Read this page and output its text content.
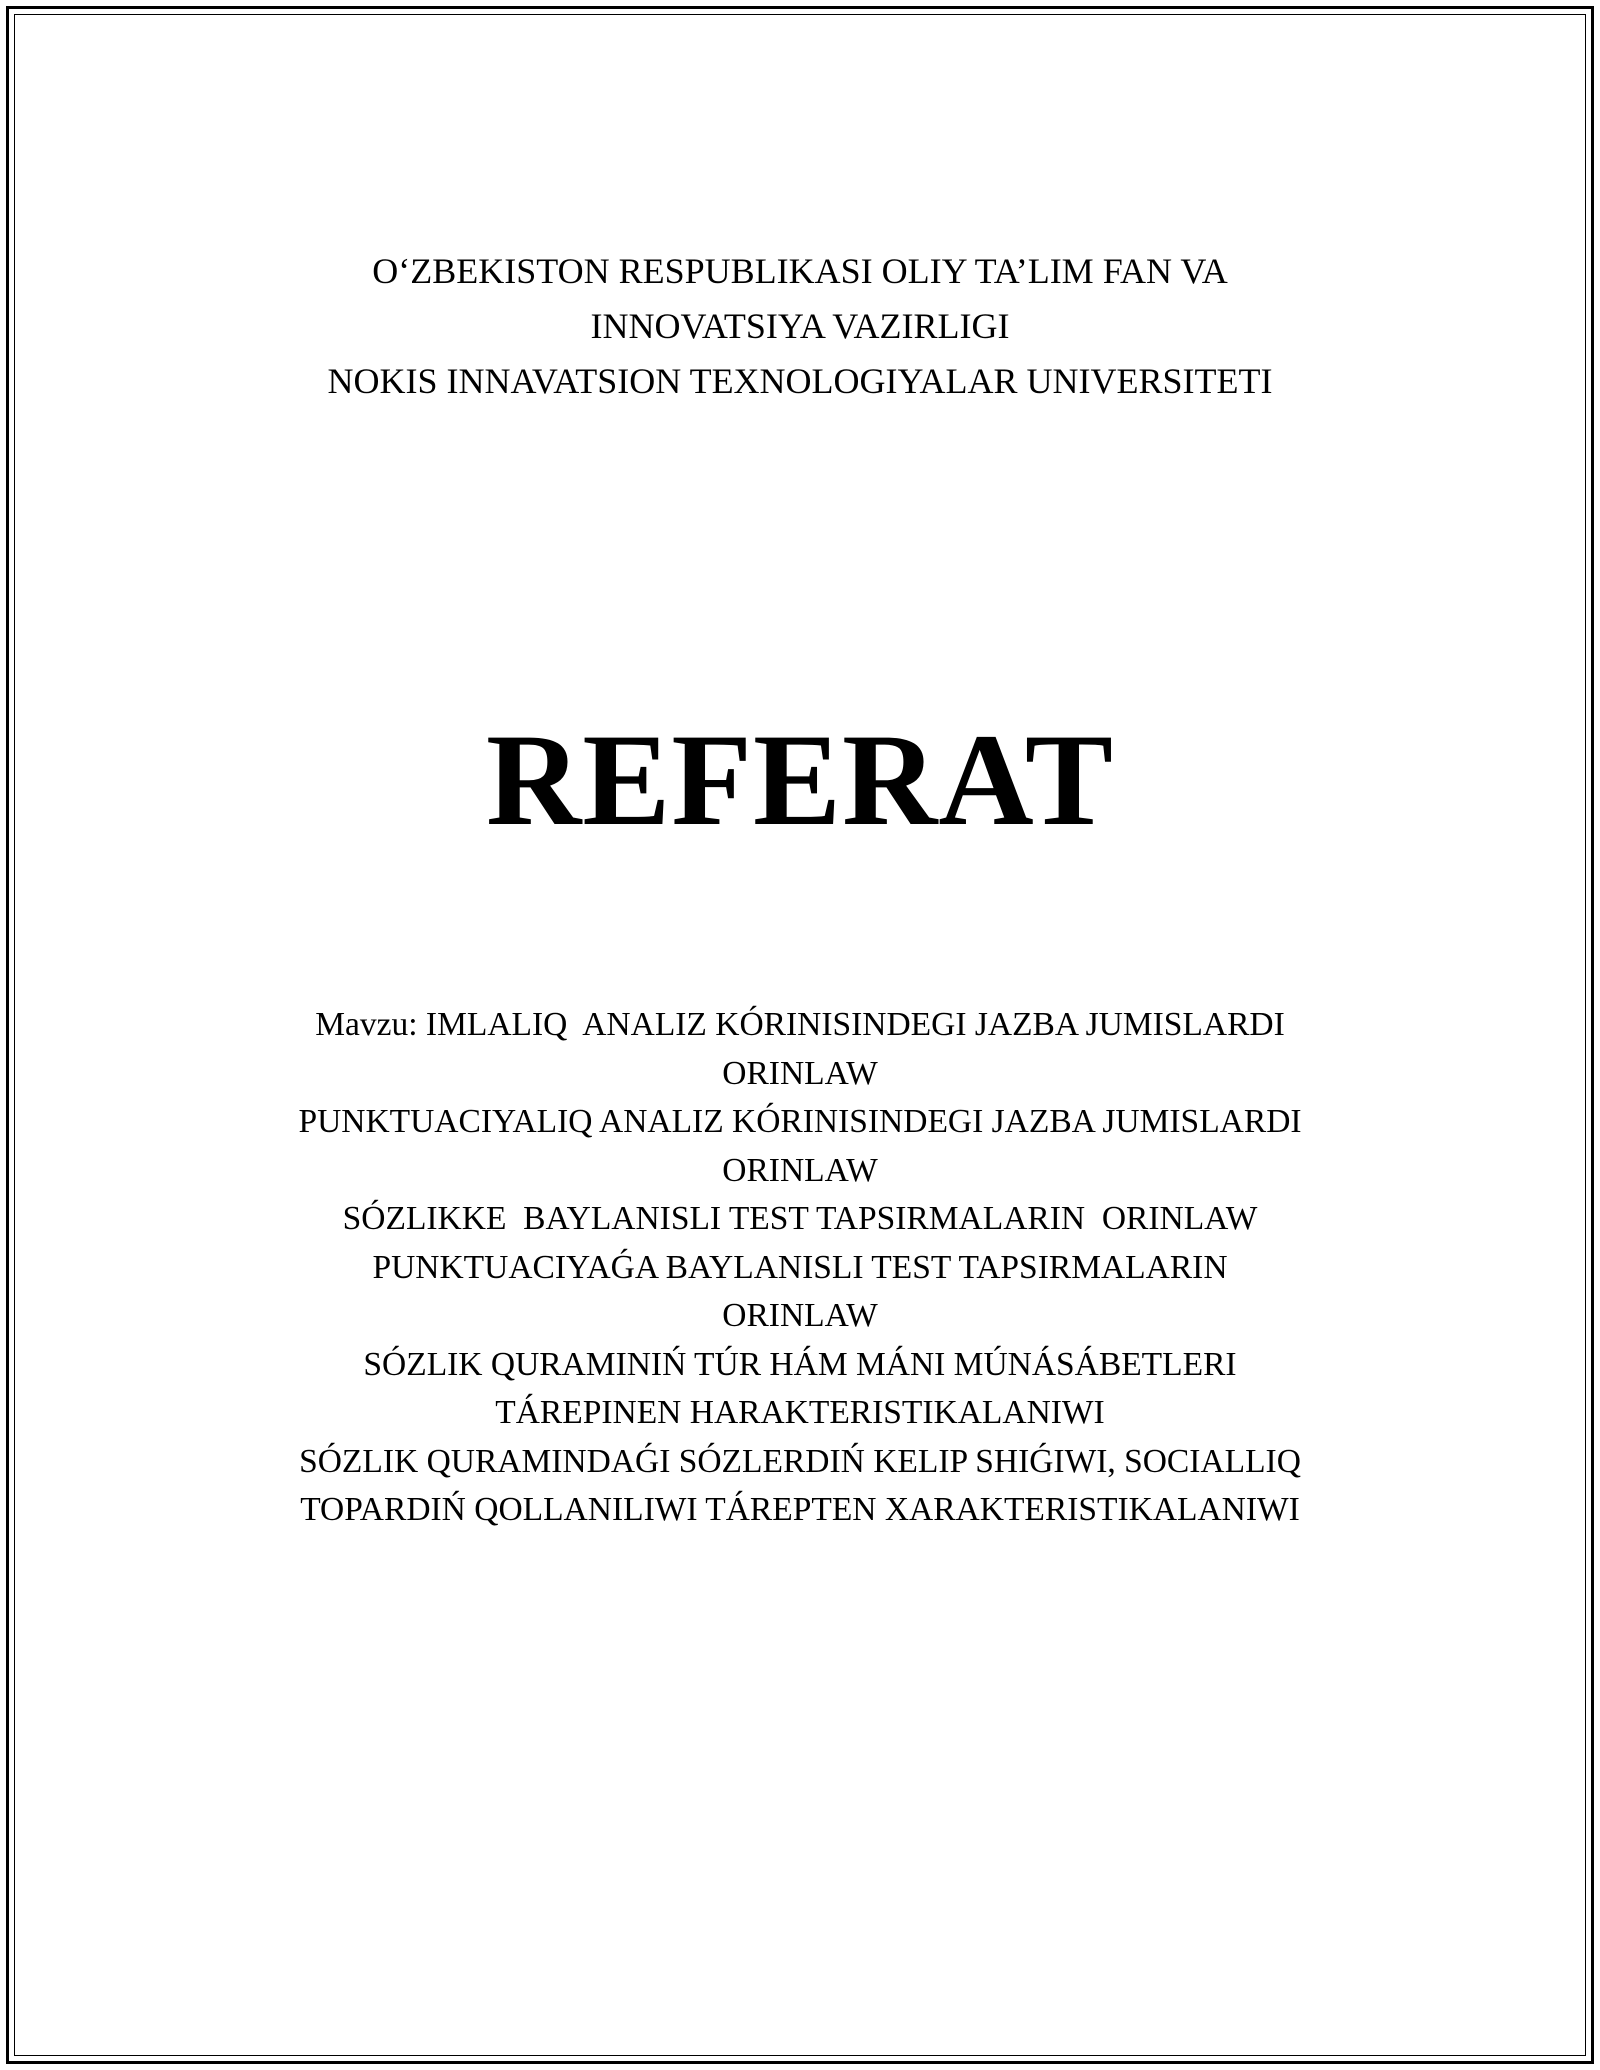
O‘ZBEKISTON RESPUBLIKASI OLIY TA’LIM FAN VA
INNOVATSIYA VAZIRLIGI
NOKIS INNAVATSION TEXNOLOGIYALAR UNIVERSITETI
REFERAT
Mavzu: IMLALIQ  ANALIZ KÓRINISINDEGI JAZBA JUMISLARDI
ORINLAW
PUNKTUACIYALIQ ANALIZ KÓRINISINDEGI JAZBA JUMISLARDI
ORINLAW
SÓZLIKKE  BAYLANISLI TEST TAPSIRMALARIN  ORINLAW
PUNKTUACIYAǴA BAYLANISLI TEST TAPSIRMALARIN
ORINLAW
SÓZLIK QURAMINIŃ TÚR HÁM MÁNI MÚNÁSÁBETLERI
TÁREPINEN HARAKTERISTIKALANIWI
SÓZLIK QURAMINDAǴI SÓZLERDIŃ KELIP SHIǴIWI, SOCIALLIQ
TOPARDIŃ QOLLANILIWI TÁREPTEN XARAKTERISTIKALANIWI
